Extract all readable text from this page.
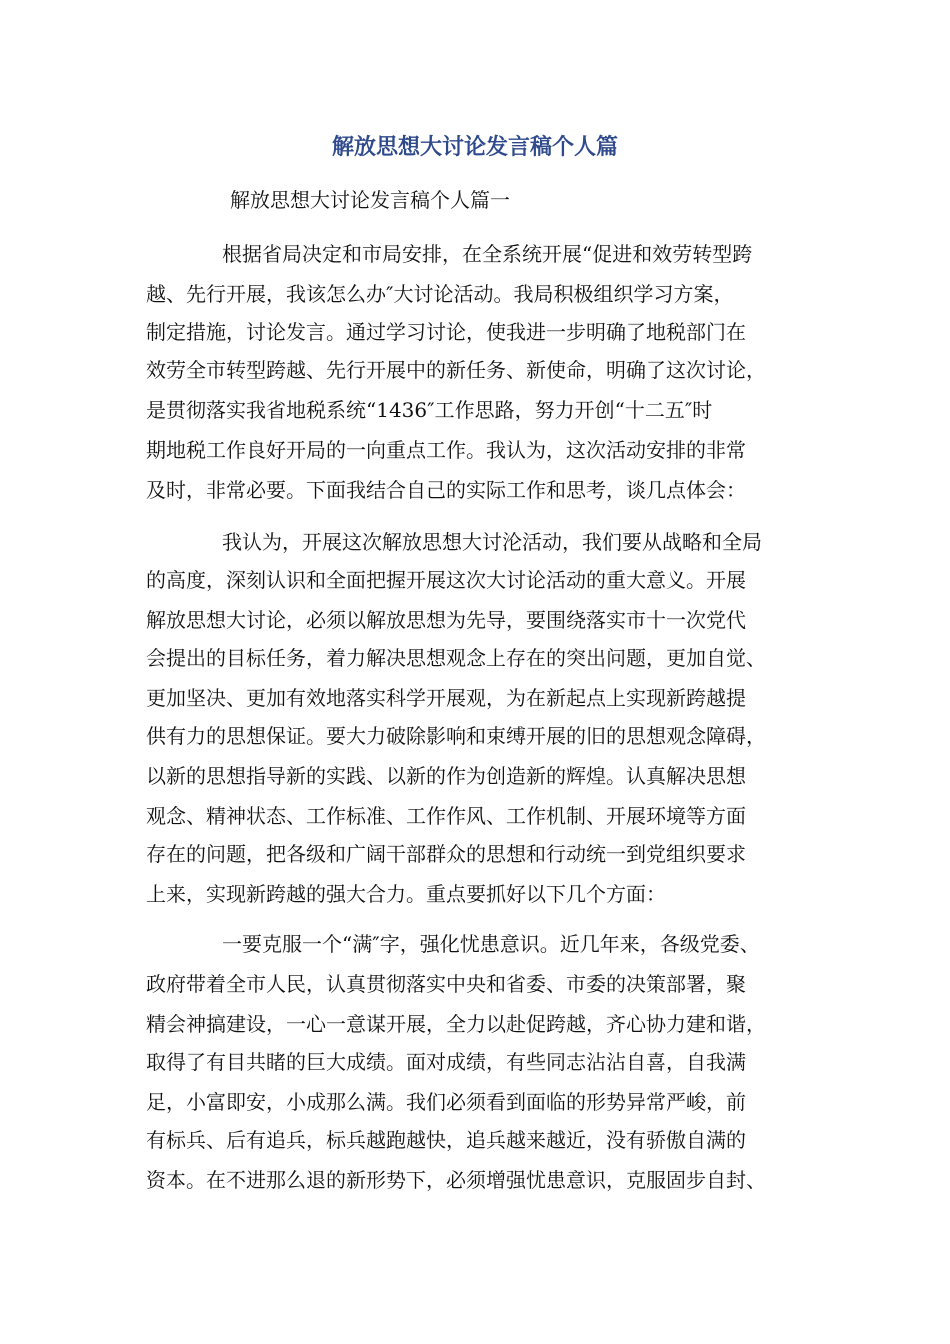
解放思想大讨论发言稿个人篇

解放思想大讨论发言稿个人篇一

根据省局决定和市局安排，在全系统开展“促进和效劳转型跨

越、先行开展，我该怎么办″大讨论活动。我局积极组织学习方案，

制定措施，讨论发言。通过学习讨论，使我进一步明确了地税部门在

效劳全市转型跨越、先行开展中的新任务、新使命，明确了这次讨论，

是贯彻落实我省地税系统“1436″工作思路，努力开创“十二五″时

期地税工作良好开局的一向重点工作。我认为，这次活动安排的非常

及时，非常必要。下面我结合自己的实际工作和思考，谈几点体会：

我认为，开展这次解放思想大讨沦活动，我们要从战略和全局

的高度，深刻认识和全面把握开展这次大讨论活动的重大意义。开展

解放思想大讨论，必须以解放思想为先导，要围绕落实市十一次党代

会提出的目标任务，着力解决思想观念上存在的突出问题，更加自觉、

更加坚决、更加有效地落实科学开展观，为在新起点上实现新跨越提

供有力的思想保证。要大力破除影响和束缚开展的旧的思想观念障碍，

以新的思想指导新的实践、以新的作为创造新的辉煌。认真解决思想

观念、精神状态、工作标准、工作作风、工作机制、开展环境等方面

存在的问题，把各级和广阔干部群众的思想和行动统一到党组织要求

上来，实现新跨越的强大合力。重点要抓好以下几个方面：

一要克服一个“满″字，强化忧患意识。近几年来，各级党委、

政府带着全市人民，认真贯彻落实中央和省委、市委的决策部署，聚

精会神搞建设，一心一意谋开展，全力以赴促跨越，齐心协力建和谐，

取得了有目共睹的巨大成绩。面对成绩，有些同志沾沾自喜，自我满

足，小富即安，小成那么满。我们必须看到面临的形势异常严峻，前

有标兵、后有追兵，标兵越跑越快，追兵越来越近，没有骄傲自满的

资本。在不进那么退的新形势下，必须增强忧患意识，克服固步自封、
